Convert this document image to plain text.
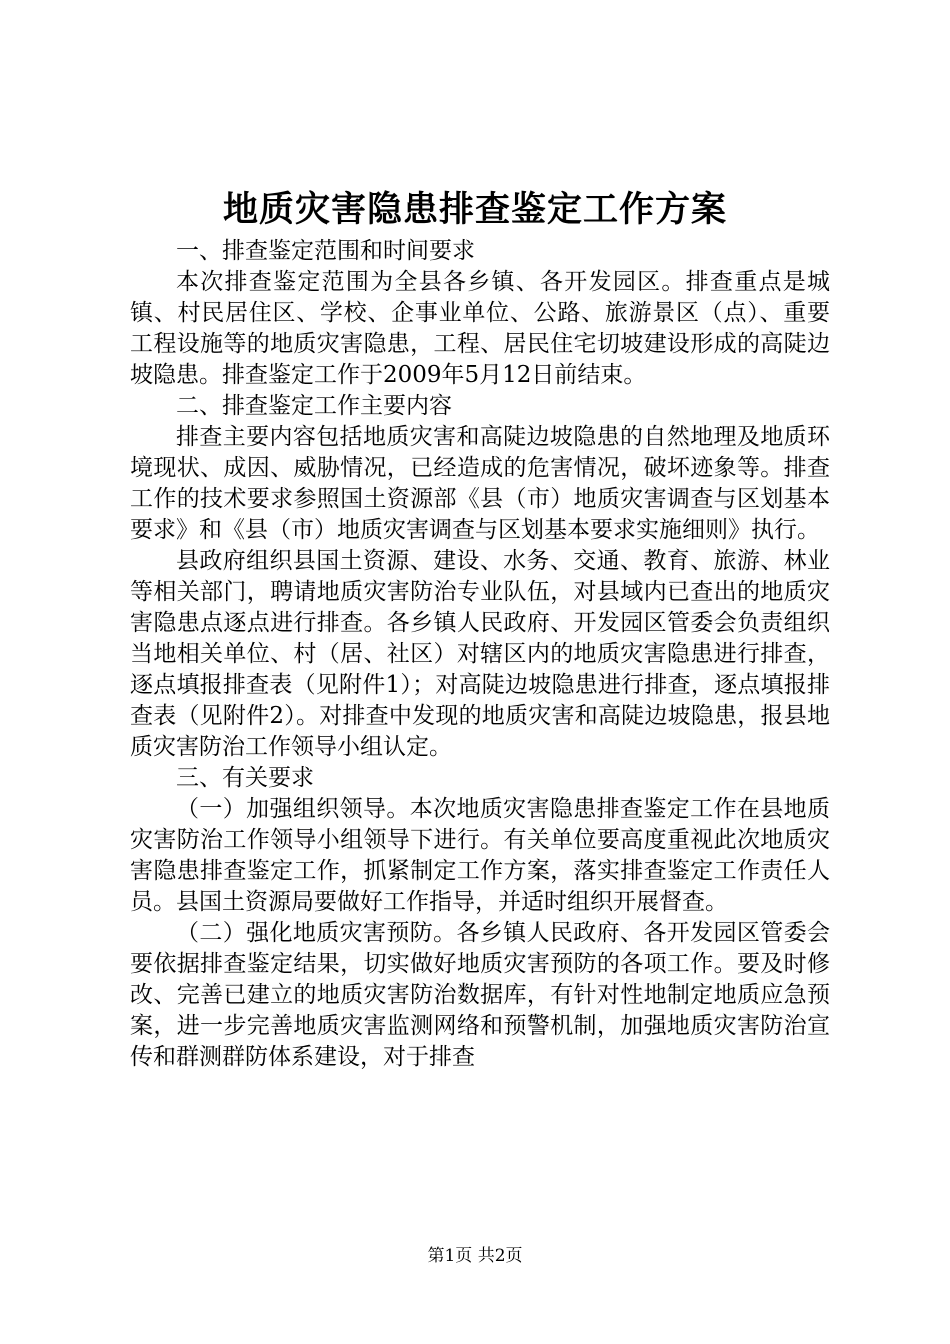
地质灾害隐患排查鉴定工作方案

一、排查鉴定范围和时间要求

本次排查鉴定范围为全县各乡镇、各开发园区。排查重点是城镇、村民居住区、学校、企事业单位、公路、旅游景区（点）、重要工程设施等的地质灾害隐患，工程、居民住宅切坡建设形成的高陡边坡隐患。排查鉴定工作于2009年5月12日前结束。

二、排查鉴定工作主要内容

排查主要内容包括地质灾害和高陡边坡隐患的自然地理及地质环境现状、成因、威胁情况，已经造成的危害情况，破坏迹象等。排查工作的技术要求参照国土资源部《县（市）地质灾害调查与区划基本要求》和《县（市）地质灾害调查与区划基本要求实施细则》执行。

县政府组织县国土资源、建设、水务、交通、教育、旅游、林业等相关部门，聘请地质灾害防治专业队伍，对县域内已查出的地质灾害隐患点逐点进行排查。各乡镇人民政府、开发园区管委会负责组织当地相关单位、村（居、社区）对辖区内的地质灾害隐患进行排查，逐点填报排查表（见附件1）；对高陡边坡隐患进行排查，逐点填报排查表（见附件2）。对排查中发现的地质灾害和高陡边坡隐患，报县地质灾害防治工作领导小组认定。

三、有关要求

（一）加强组织领导。本次地质灾害隐患排查鉴定工作在县地质灾害防治工作领导小组领导下进行。有关单位要高度重视此次地质灾害隐患排查鉴定工作，抓紧制定工作方案，落实排查鉴定工作责任人员。县国土资源局要做好工作指导，并适时组织开展督查。

（二）强化地质灾害预防。各乡镇人民政府、各开发园区管委会要依据排查鉴定结果，切实做好地质灾害预防的各项工作。要及时修改、完善已建立的地质灾害防治数据库，有针对性地制定地质应急预案，进一步完善地质灾害监测网络和预警机制，加强地质灾害防治宣传和群测群防体系建设，对于排查

第1页 共2页
